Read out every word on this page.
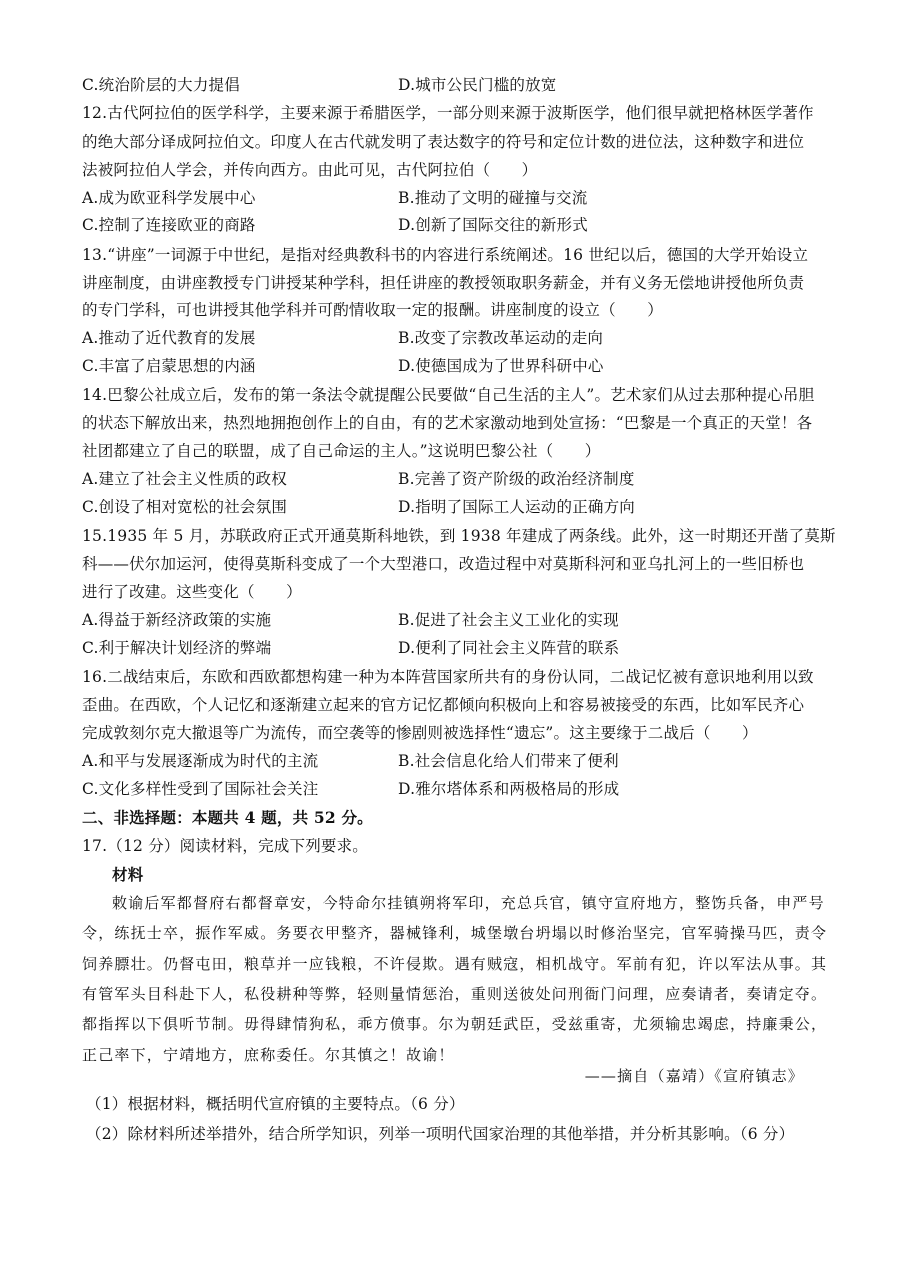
C.统治阶层的大力提倡	D.城市公民门槛的放宽
12.古代阿拉伯的医学科学，主要来源于希腊医学，一部分则来源于波斯医学，他们很早就把格林医学著作
的绝大部分译成阿拉伯文。印度人在古代就发明了表达数字的符号和定位计数的进位法，这种数字和进位
法被阿拉伯人学会，并传向西方。由此可见，古代阿拉伯（　　）
A.成为欧亚科学发展中心	B.推动了文明的碰撞与交流
C.控制了连接欧亚的商路	D.创新了国际交往的新形式
13.“讲座”一词源于中世纪，是指对经典教科书的内容进行系统阐述。16 世纪以后，德国的大学开始设立
讲座制度，由讲座教授专门讲授某种学科，担任讲座的教授领取职务薪金，并有义务无偿地讲授他所负责
的专门学科，可也讲授其他学科并可酌情收取一定的报酬。讲座制度的设立（　　）
A.推动了近代教育的发展	B.改变了宗教改革运动的走向
C.丰富了启蒙思想的内涵	D.使德国成为了世界科研中心
14.巴黎公社成立后，发布的第一条法令就提醒公民要做“自己生活的主人”。艺术家们从过去那种提心吊胆
的状态下解放出来，热烈地拥抱创作上的自由，有的艺术家激动地到处宣扬：“巴黎是一个真正的天堂！各
社团都建立了自己的联盟，成了自己命运的主人。”这说明巴黎公社（　　）
A.建立了社会主义性质的政权	B.完善了资产阶级的政治经济制度
C.创设了相对宽松的社会氛围	D.指明了国际工人运动的正确方向
15.1935 年 5 月，苏联政府正式开通莫斯科地铁，到 1938 年建成了两条线。此外，这一时期还开凿了莫斯
科——伏尔加运河，使得莫斯科变成了一个大型港口，改造过程中对莫斯科河和亚乌扎河上的一些旧桥也
进行了改建。这些变化（　　）
A.得益于新经济政策的实施	B.促进了社会主义工业化的实现
C.利于解决计划经济的弊端	D.便利了同社会主义阵营的联系
16.二战结束后，东欧和西欧都想构建一种为本阵营国家所共有的身份认同，二战记忆被有意识地利用以致
歪曲。在西欧，个人记忆和逐渐建立起来的官方记忆都倾向积极向上和容易被接受的东西，比如军民齐心
完成敦刻尔克大撤退等广为流传，而空袭等的惨剧则被选择性“遗忘”。这主要缘于二战后（　　）
A.和平与发展逐渐成为时代的主流	B.社会信息化给人们带来了便利
C.文化多样性受到了国际社会关注	D.雅尔塔体系和两极格局的形成
二、非选择题：本题共 4 题，共 52 分。
17.（12 分）阅读材料，完成下列要求。
材料
敕谕后军都督府右都督章安，今特命尔挂镇朔将军印，充总兵官，镇守宣府地方，整饬兵备，申严号
令，练抚士卒，振作军威。务要衣甲整齐，器械锋利，城堡墩台坍塌以时修治坚完，官军骑操马匹，责令
饲养膘壮。仍督屯田，粮草并一应钱粮，不许侵欺。遇有贼寇，相机战守。军前有犯，许以军法从事。其
有管军头目科赴下人，私役耕种等弊，轻则量情惩治，重则送彼处问刑衙门问理，应奏请者，奏请定夺。
都指挥以下俱听节制。毋得肆情狗私，乖方偾事。尔为朝廷武臣，受兹重寄，尤须输忠竭虑，持廉秉公，
正己率下，宁靖地方，庶称委任。尔其慎之！故谕！
——摘自（嘉靖）《宣府镇志》
（1）根据材料，概括明代宣府镇的主要特点。（6 分）
（2）除材料所述举措外，结合所学知识，列举一项明代国家治理的其他举措，并分析其影响。（6 分）
